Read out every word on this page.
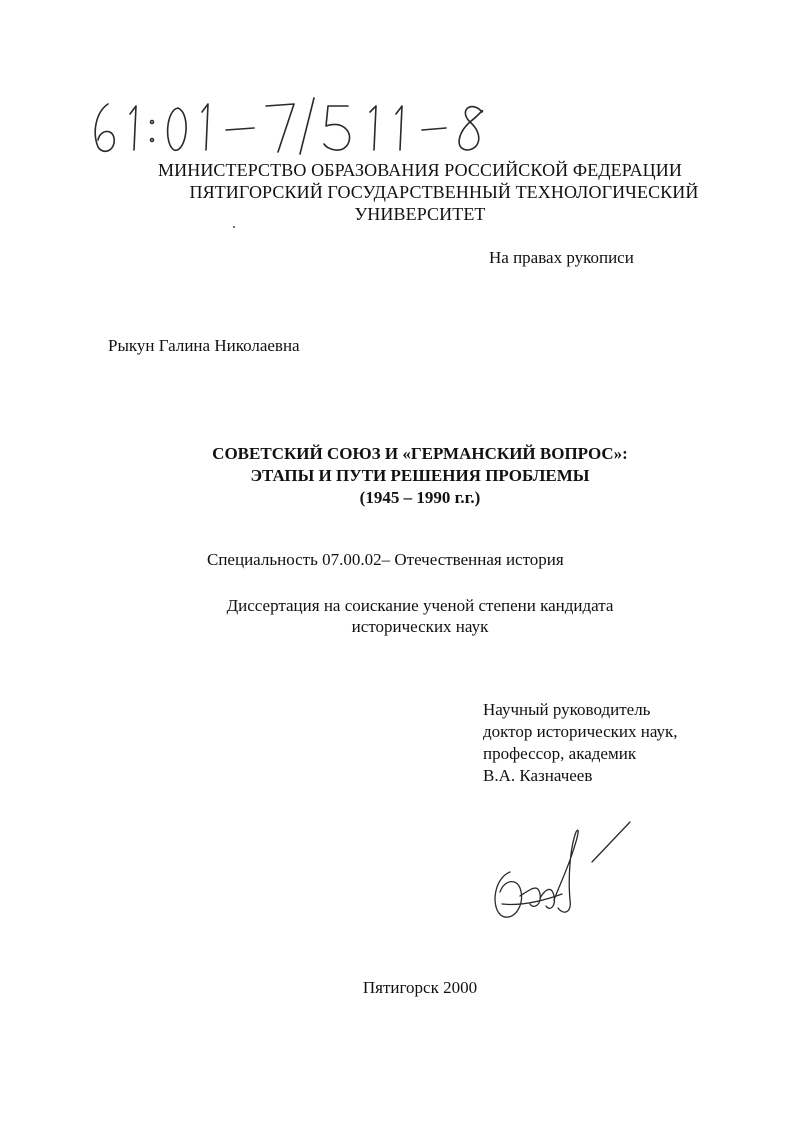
МИНИСТЕРСТВО ОБРАЗОВАНИЯ РОССИЙСКОЙ ФЕДЕРАЦИИ

ПЯТИГОРСКИЙ ГОСУДАРСТВЕННЫЙ ТЕХНОЛОГИЧЕСКИЙ

УНИВЕРСИТЕТ

На правах рукописи

Рыкун Галина Николаевна

СОВЕТСКИЙ СОЮЗ И «ГЕРМАНСКИЙ ВОПРОС»:

ЭТАПЫ И ПУТИ РЕШЕНИЯ ПРОБЛЕМЫ

(1945 – 1990 г.г.)

Специальность 07.00.02– Отечественная история

Диссертация на соискание ученой степени кандидата

исторических наук

Научный руководитель

доктор исторических наук,

профессор, академик

В.А. Казначеев

Пятигорск 2000
